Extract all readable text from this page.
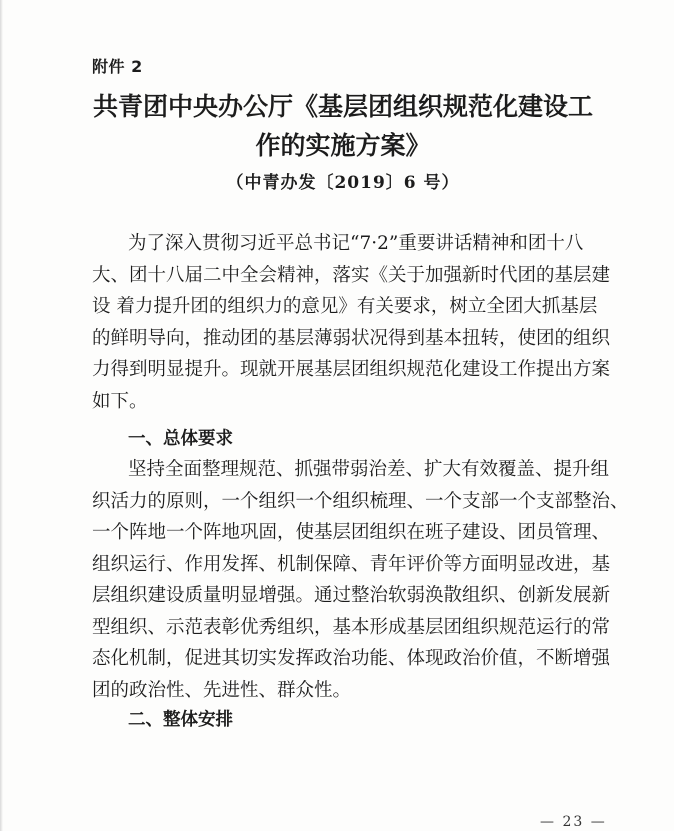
附件 2
共青团中央办公厅《基层团组织规范化建设工
作的实施方案》
（中青办发〔2019〕6 号）
为了深入贯彻习近平总书记“7·2”重要讲话精神和团十八
大、团十八届二中全会精神，落实《关于加强新时代团的基层建
设 着力提升团的组织力的意见》有关要求，树立全团大抓基层
的鲜明导向，推动团的基层薄弱状况得到基本扭转，使团的组织
力得到明显提升。现就开展基层团组织规范化建设工作提出方案
如下。
一、总体要求
坚持全面整理规范、抓强带弱治差、扩大有效覆盖、提升组
织活力的原则，一个组织一个组织梳理、一个支部一个支部整治、
一个阵地一个阵地巩固，使基层团组织在班子建设、团员管理、
组织运行、作用发挥、机制保障、青年评价等方面明显改进，基
层组织建设质量明显增强。通过整治软弱涣散组织、创新发展新
型组织、示范表彰优秀组织，基本形成基层团组织规范运行的常
态化机制，促进其切实发挥政治功能、体现政治价值，不断增强
团的政治性、先进性、群众性。
二、整体安排
— 23 —
